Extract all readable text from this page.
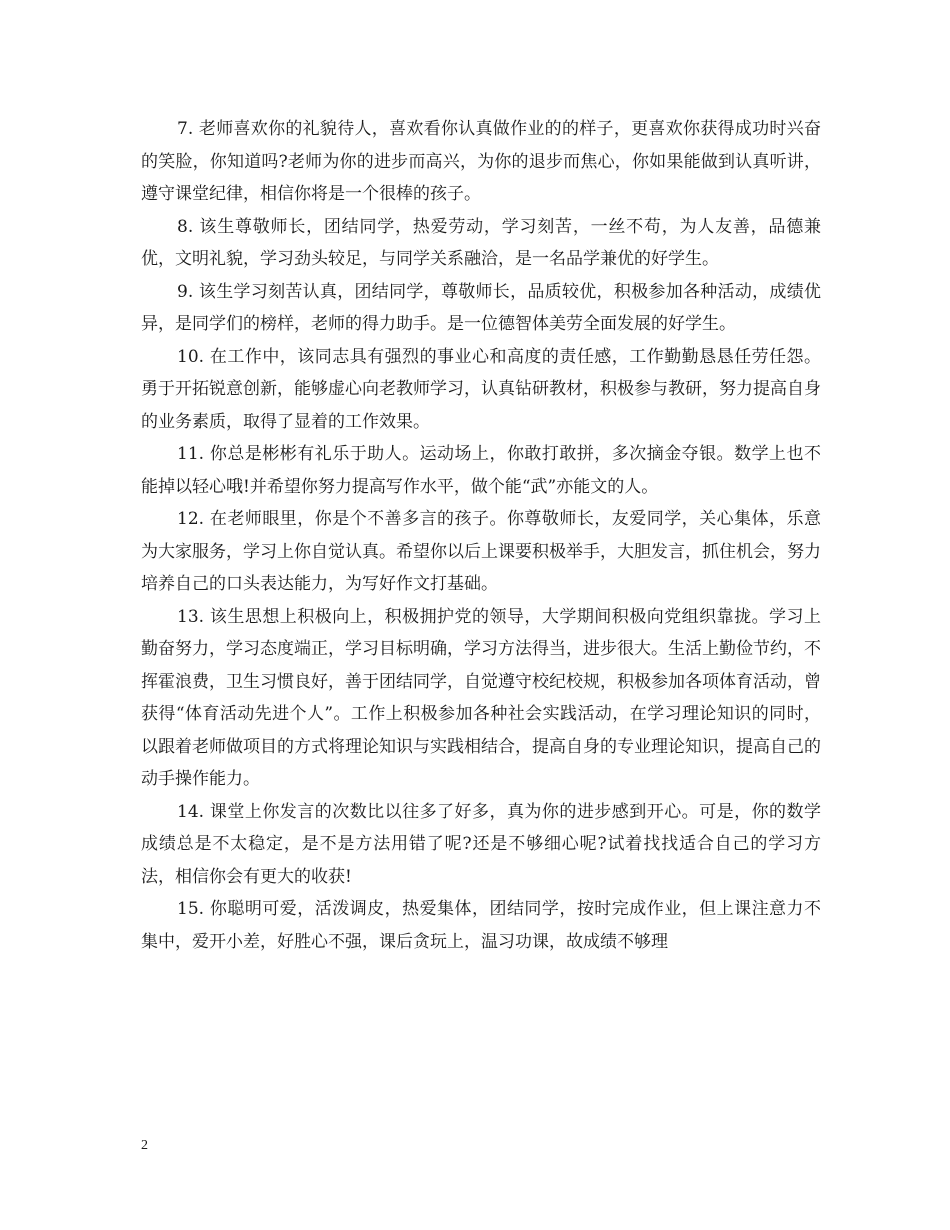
7. 老师喜欢你的礼貌待人，喜欢看你认真做作业的的样子，更喜欢你获得成功时兴奋的笑脸，你知道吗?老师为你的进步而高兴，为你的退步而焦心，你如果能做到认真听讲，遵守课堂纪律，相信你将是一个很棒的孩子。

8. 该生尊敬师长，团结同学，热爱劳动，学习刻苦，一丝不苟，为人友善，品德兼优，文明礼貌，学习劲头较足，与同学关系融洽，是一名品学兼优的好学生。

9. 该生学习刻苦认真，团结同学，尊敬师长，品质较优，积极参加各种活动，成绩优异，是同学们的榜样，老师的得力助手。是一位德智体美劳全面发展的好学生。

10. 在工作中，该同志具有强烈的事业心和高度的责任感，工作勤勤恳恳任劳任怨。勇于开拓锐意创新，能够虚心向老教师学习，认真钻研教材，积极参与教研，努力提高自身的业务素质，取得了显着的工作效果。

11. 你总是彬彬有礼乐于助人。运动场上，你敢打敢拼，多次摘金夺银。数学上也不能掉以轻心哦!并希望你努力提高写作水平，做个能“武”亦能文的人。

12. 在老师眼里，你是个不善多言的孩子。你尊敬师长，友爱同学，关心集体，乐意为大家服务，学习上你自觉认真。希望你以后上课要积极举手，大胆发言，抓住机会，努力培养自己的口头表达能力，为写好作文打基础。

13. 该生思想上积极向上，积极拥护党的领导，大学期间积极向党组织靠拢。学习上勤奋努力，学习态度端正，学习目标明确，学习方法得当，进步很大。生活上勤俭节约，不挥霍浪费，卫生习惯良好，善于团结同学，自觉遵守校纪校规，积极参加各项体育活动，曾获得“体育活动先进个人”。工作上积极参加各种社会实践活动，在学习理论知识的同时，以跟着老师做项目的方式将理论知识与实践相结合，提高自身的专业理论知识，提高自己的动手操作能力。

14. 课堂上你发言的次数比以往多了好多，真为你的进步感到开心。可是，你的数学成绩总是不太稳定，是不是方法用错了呢?还是不够细心呢?试着找找适合自己的学习方法，相信你会有更大的收获!

15. 你聪明可爱，活泼调皮，热爱集体，团结同学，按时完成作业，但上课注意力不集中，爱开小差，好胜心不强，课后贪玩上，温习功课，故成绩不够理

2
